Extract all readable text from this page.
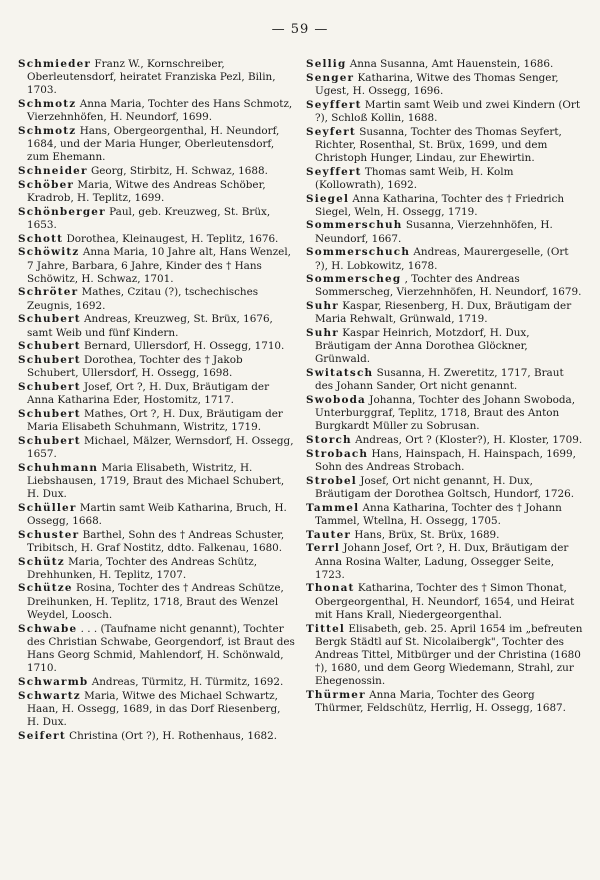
— 59 —
Schmieder Franz W., Kornschreiber, Oberleutensdorf, heiratet Franziska Pezl, Bilin, 1703.
Schmotz Anna Maria, Tochter des Hans Schmotz, Vierzehnhöfen, H. Neundorf, 1699.
Schmotz Hans, Obergeorgenthal, H. Neundorf, 1684, und der Maria Hunger, Oberleutensdorf, zum Ehemann.
Schneider Georg, Stirbitz, H. Schwaz, 1688.
Schöber Maria, Witwe des Andreas Schöber, Kradrob, H. Teplitz, 1699.
Schönberger Paul, geb. Kreuzweg, St. Brüx, 1653.
Schott Dorothea, Kleinaugest, H. Teplitz, 1676.
Schöwitz Anna Maria, 10 Jahre alt, Hans Wenzel, 7 Jahre, Barbara, 6 Jahre, Kinder des † Hans Schöwitz, H. Schwaz, 1701.
Schröter Mathes, Czitau (?), tschechisches Zeugnis, 1692.
Schubert Andreas, Kreuzweg, St. Brüx, 1676, samt Weib und fünf Kindern.
Schubert Bernard, Ullersdorf, H. Ossegg, 1710.
Schubert Dorothea, Tochter des † Jakob Schubert, Ullersdorf, H. Ossegg, 1698.
Schubert Josef, Ort ?, H. Dux, Bräutigam der Anna Katharina Eder, Hostomitz, 1717.
Schubert Mathes, Ort ?, H. Dux, Bräutigam der Maria Elisabeth Schuhmann, Wistritz, 1719.
Schubert Michael, Mälzer, Wernsdorf, H. Ossegg, 1657.
Schuhmann Maria Elisabeth, Wistritz, H. Liebshausen, 1719, Braut des Michael Schubert, H. Dux.
Schüller Martin samt Weib Katharina, Bruch, H. Ossegg, 1668.
Schuster Barthel, Sohn des † Andreas Schuster, Tribitsch, H. Graf Nostitz, ddto. Falkenau, 1680.
Schütz Maria, Tochter des Andreas Schütz, Drehhunken, H. Teplitz, 1707.
Schütze Rosina, Tochter des † Andreas Schütze, Dreihunken, H. Teplitz, 1718, Braut des Wenzel Weydel, Loosch.
Schwabe . . . (Taufname nicht genannt), Tochter des Christian Schwabe, Georgendorf, ist Braut des Hans Georg Schmid, Mahlendorf, H. Schönwald, 1710.
Schwarmb Andreas, Türmitz, H. Türmitz, 1692.
Schwartz Maria, Witwe des Michael Schwartz, Haan, H. Ossegg, 1689, in das Dorf Riesenberg, H. Dux.
Seifert Christina (Ort ?), H. Rothenhaus, 1682.
Sellig Anna Susanna, Amt Hauenstein, 1686.
Senger Katharina, Witwe des Thomas Senger, Ugest, H. Ossegg, 1696.
Seyffert Martin samt Weib und zwei Kindern (Ort ?), Schloß Kollin, 1688.
Seyfert Susanna, Tochter des Thomas Seyfert, Richter, Rosenthal, St. Brüx, 1699, und dem Christoph Hunger, Lindau, zur Ehewirtin.
Seyffert Thomas samt Weib, H. Kolm (Kollowrath), 1692.
Siegel Anna Katharina, Tochter des † Friedrich Siegel, Weln, H. Ossegg, 1719.
Sommerschuh Susanna, Vierzehnhöfen, H. Neundorf, 1667.
Sommerschuch Andreas, Maurergeselle, (Ort ?), H. Lobkowitz, 1678.
Sommerscheg , Tochter des Andreas Sommerscheg, Vierzehnhöfen, H. Neundorf, 1679.
Suhr Kaspar, Riesenberg, H. Dux, Bräutigam der Maria Rehwalt, Grünwald, 1719.
Suhr Kaspar Heinrich, Motzdorf, H. Dux, Bräutigam der Anna Dorothea Glöckner, Grünwald.
Switatsch Susanna, H. Zweretitz, 1717, Braut des Johann Sander, Ort nicht genannt.
Swoboda Johanna, Tochter des Johann Swoboda, Unterburggraf, Teplitz, 1718, Braut des Anton Burgkardt Müller zu Sobrusan.
Storch Andreas, Ort ? (Kloster?), H. Kloster, 1709.
Strobach Hans, Hainspach, H. Hainspach, 1699, Sohn des Andreas Strobach.
Strobel Josef, Ort nicht genannt, H. Dux, Bräutigam der Dorothea Goltsch, Hundorf, 1726.
Tammel Anna Katharina, Tochter des † Johann Tammel, Wtellna, H. Ossegg, 1705.
Tauter Hans, Brüx, St. Brüx, 1689.
Terrl Johann Josef, Ort ?, H. Dux, Bräutigam der Anna Rosina Walter, Ladung, Ossegger Seite, 1723.
Thonat Katharina, Tochter des † Simon Thonat, Obergeorgenthal, H. Neundorf, 1654, und Heirat mit Hans Krall, Niedergeorgenthal.
Tittel Elisabeth, geb. 25. April 1654 im „befreuten Bergk Städtl auf St. Nicolaibergk", Tochter des Andreas Tittel, Mitbürger und der Christina (1680 †), 1680, und dem Georg Wiedemann, Strahl, zur Ehegenossin.
Thürmer Anna Maria, Tochter des Georg Thürmer, Feldschütz, Herrlig, H. Ossegg, 1687.
